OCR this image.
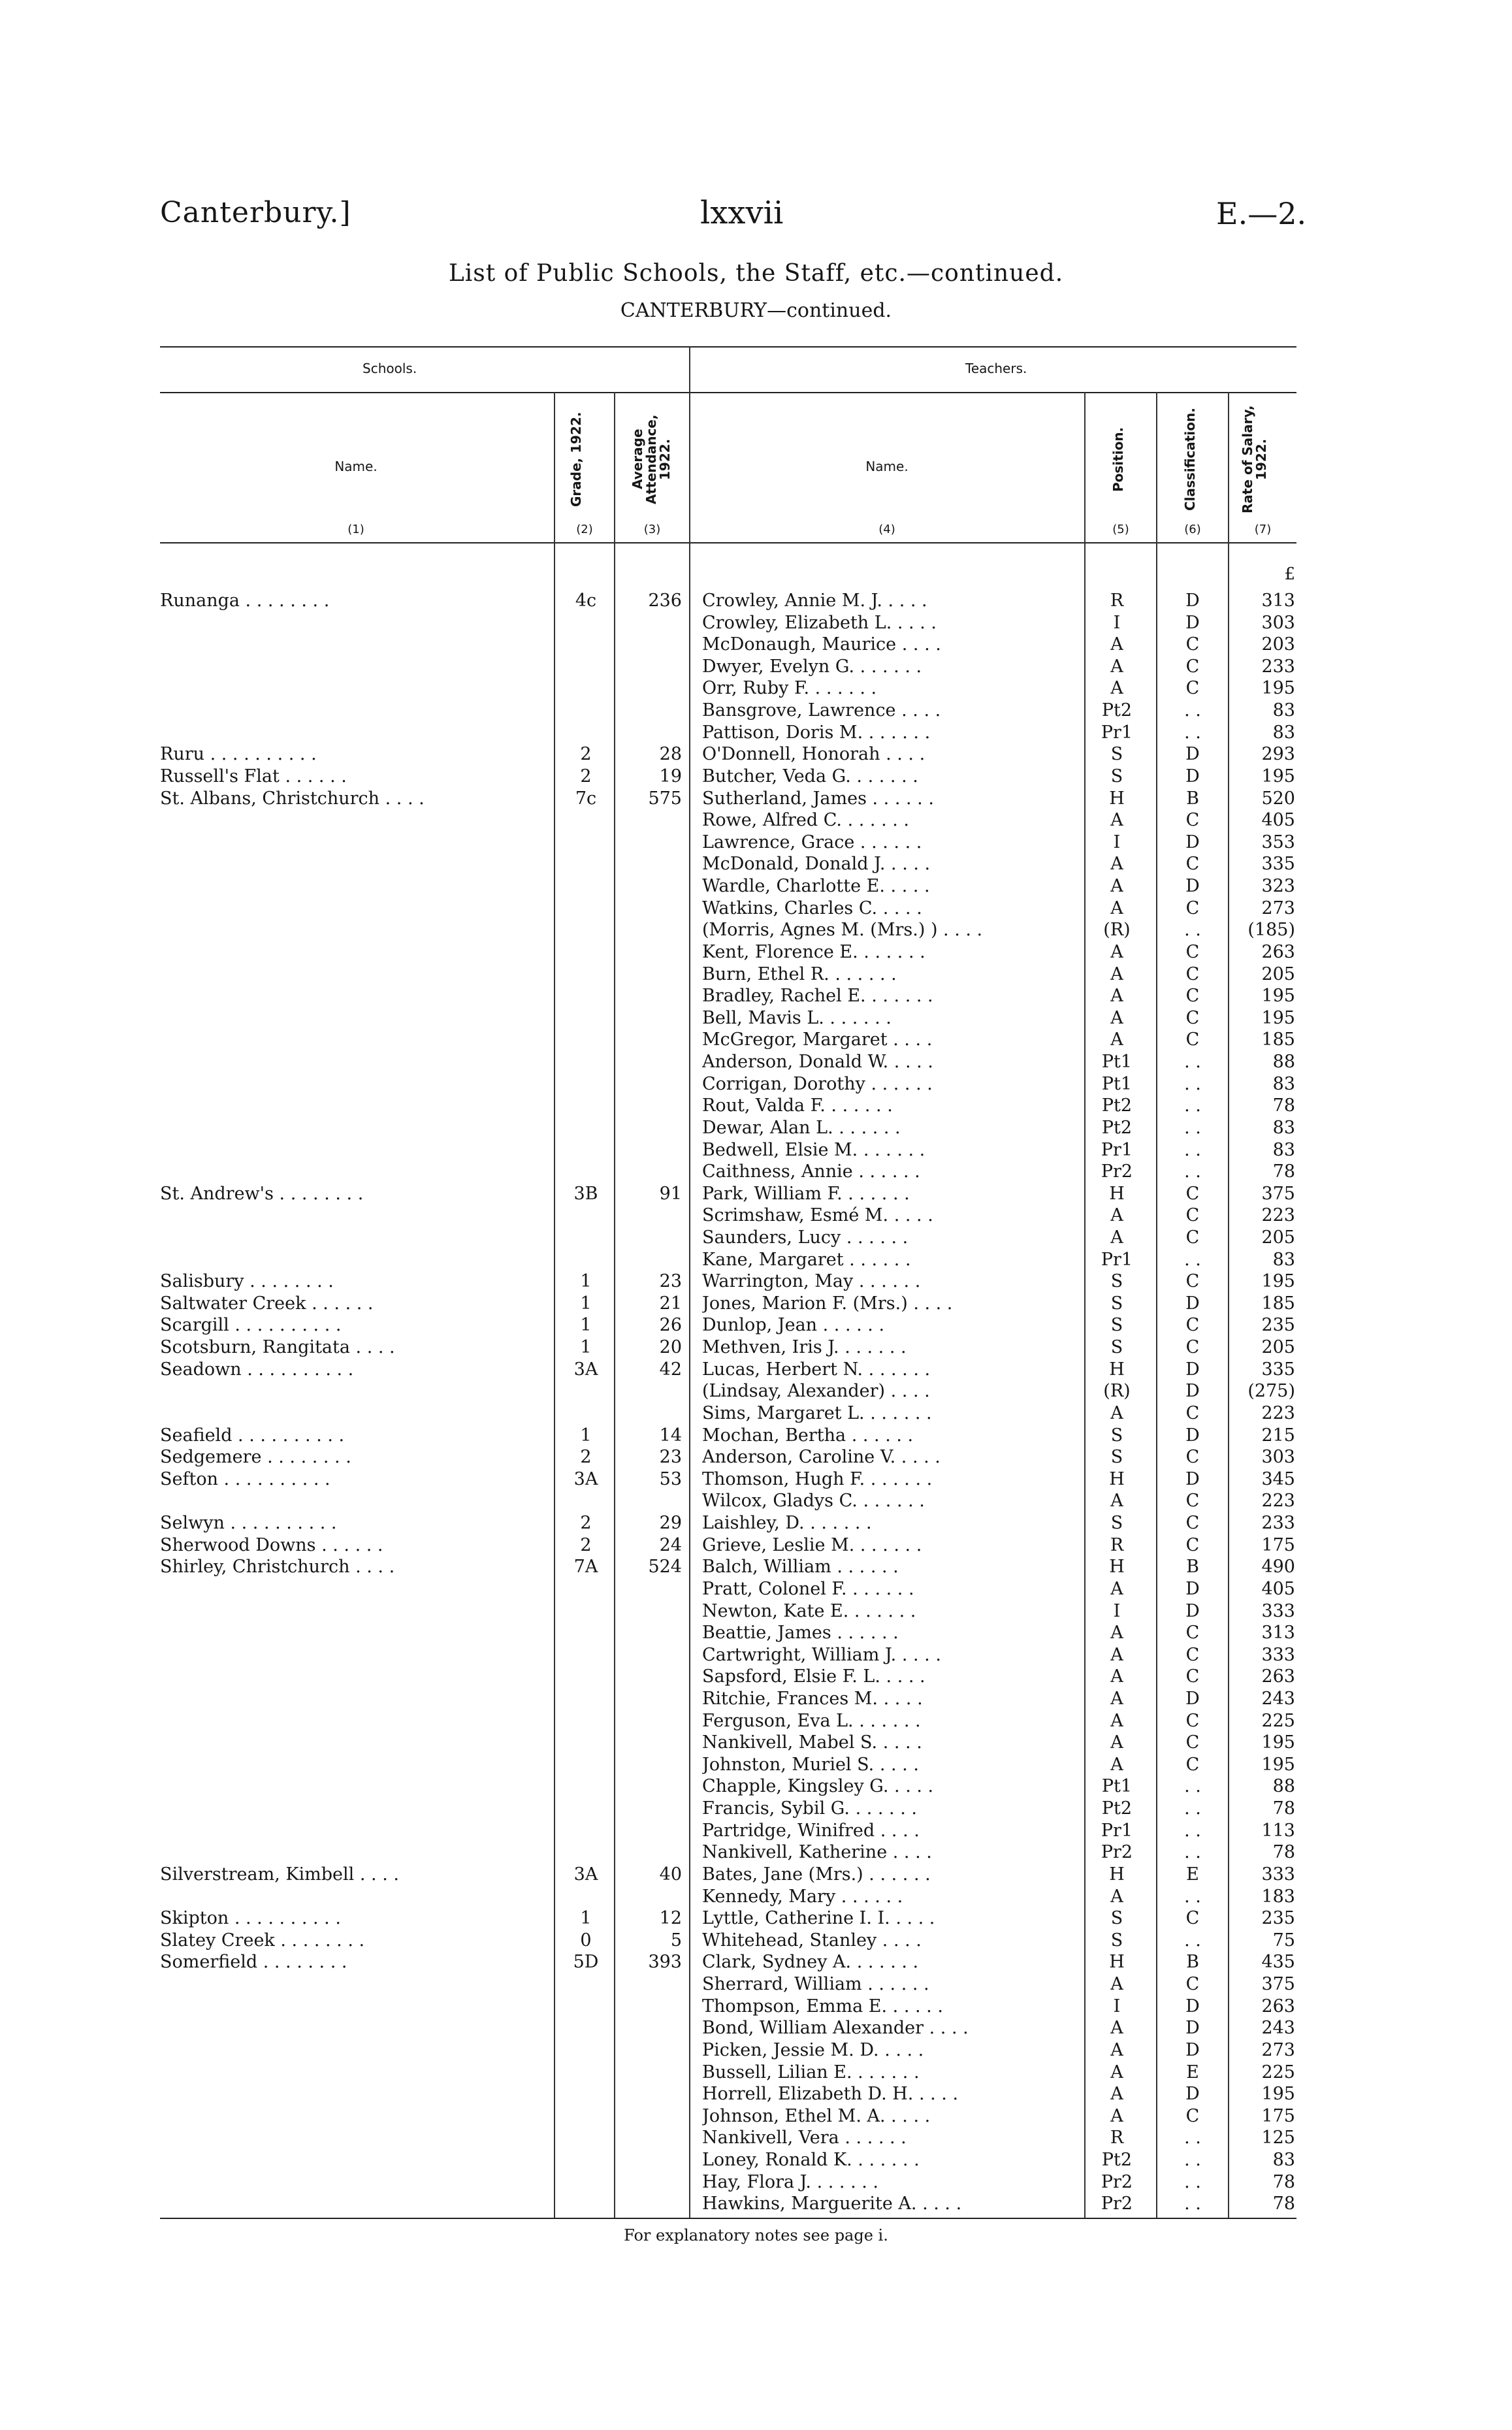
Canterbury.]	lxxvii	E.—2.
List of Public Schools, the Staff, etc.—continued.
CANTERBURY—continued.
Schools.	Teachers.
Name.	Grade, 1922.	Average Attendance, 1922.	Name.	Position.	Classification.	Rate of Salary, 1922.
(1)	(2)	(3)	(4)	(5)	(6)	(7)
£
Runanga . . . . . . . .	4c	236 Crowley, Annie M. J. . . . .	R	D	313
Crowley, Elizabeth L. . . . .	I	D	303
McDonaugh, Maurice . . . .	A	C	203
Dwyer, Evelyn G. . . . . . .	A	C	233
Orr, Ruby F. . . . . . .	A	C	195
Bansgrove, Lawrence . . . .	Pt2	. .	83
Pattison, Doris M. . . . . . .	Pr1	. .	83
Ruru . . . . . . . . . .	2	28 O'Donnell, Honorah . . . .	S	D	293
Russell's Flat . . . . . .	2	19 Butcher, Veda G. . . . . . .	S	D	195
St. Albans, Christchurch . . . .	7c	575 Sutherland, James . . . . . .	H	B	520
Rowe, Alfred C. . . . . . .	A	C	405
Lawrence, Grace . . . . . .	I	D	353
McDonald, Donald J. . . . .	A	C	335
Wardle, Charlotte E. . . . .	A	D	323
Watkins, Charles C. . . . .	A	C	273
(Morris, Agnes M. (Mrs.) ) . . . .	(R)	. .	(185)
Kent, Florence E. . . . . . .	A	C	263
Burn, Ethel R. . . . . . .	A	C	205
Bradley, Rachel E. . . . . . .	A	C	195
Bell, Mavis L. . . . . . .	A	C	195
McGregor, Margaret . . . .	A	C	185
Anderson, Donald W. . . . .	Pt1	. .	88
Corrigan, Dorothy . . . . . .	Pt1	. .	83
Rout, Valda F. . . . . . .	Pt2	. .	78
Dewar, Alan L. . . . . . .	Pt2	. .	83
Bedwell, Elsie M. . . . . . .	Pr1	. .	83
Caithness, Annie . . . . . .	Pr2	. .	78
St. Andrew's . . . . . . . .	3B	91 Park, William F. . . . . . .	H	C	375
Scrimshaw, Esmé M. . . . .	A	C	223
Saunders, Lucy . . . . . .	A	C	205
Kane, Margaret . . . . . .	Pr1	. .	83
Salisbury . . . . . . . .	1	23 Warrington, May . . . . . .	S	C	195
Saltwater Creek . . . . . .	1	21 Jones, Marion F. (Mrs.) . . . .	S	D	185
Scargill . . . . . . . . . .	1	26 Dunlop, Jean . . . . . .	S	C	235
Scotsburn, Rangitata . . . .	1	20 Methven, Iris J. . . . . . .	S	C	205
Seadown . . . . . . . . . .	3A	42 Lucas, Herbert N. . . . . . .	H	D	335
(Lindsay, Alexander) . . . .	(R)	D	(275)
Sims, Margaret L. . . . . . .	A	C	223
Seafield . . . . . . . . . .	1	14 Mochan, Bertha . . . . . .	S	D	215
Sedgemere . . . . . . . .	2	23 Anderson, Caroline V. . . . .	S	C	303
Sefton . . . . . . . . . .	3A	53 Thomson, Hugh F. . . . . . .	H	D	345
Wilcox, Gladys C. . . . . . .	A	C	223
Selwyn . . . . . . . . . .	2	29 Laishley, D. . . . . . .	S	C	233
Sherwood Downs . . . . . .	2	24 Grieve, Leslie M. . . . . . .	R	C	175
Shirley, Christchurch . . . .	7A	524 Balch, William . . . . . .	H	B	490
Pratt, Colonel F. . . . . . .	A	D	405
Newton, Kate E. . . . . . .	I	D	333
Beattie, James . . . . . .	A	C	313
Cartwright, William J. . . . .	A	C	333
Sapsford, Elsie F. L. . . . .	A	C	263
Ritchie, Frances M. . . . .	A	D	243
Ferguson, Eva L. . . . . . .	A	C	225
Nankivell, Mabel S. . . . .	A	C	195
Johnston, Muriel S. . . . .	A	C	195
Chapple, Kingsley G. . . . .	Pt1	. .	88
Francis, Sybil G. . . . . . .	Pt2	. .	78
Partridge, Winifred . . . .	Pr1	. .	113
Nankivell, Katherine . . . .	Pr2	. .	78
Silverstream, Kimbell . . . .	3A	40 Bates, Jane (Mrs.) . . . . . .	H	E	333
Kennedy, Mary . . . . . .	A	. .	183
Skipton . . . . . . . . . .	1	12 Lyttle, Catherine I. I. . . . .	S	C	235
Slatey Creek . . . . . . . .	0	5 Whitehead, Stanley . . . .	S	. .	75
Somerfield . . . . . . . .	5D	393 Clark, Sydney A. . . . . . .	H	B	435
Sherrard, William . . . . . .	A	C	375
Thompson, Emma E. . . . . .	I	D	263
Bond, William Alexander . . . .	A	D	243
Picken, Jessie M. D. . . . .	A	D	273
Bussell, Lilian E. . . . . . .	A	E	225
Horrell, Elizabeth D. H. . . . .	A	D	195
Johnson, Ethel M. A. . . . .	A	C	175
Nankivell, Vera . . . . . .	R	. .	125
Loney, Ronald K. . . . . . .	Pt2	. .	83
Hay, Flora J. . . . . . .	Pr2	. .	78
Hawkins, Marguerite A. . . . .	Pr2	. .	78
For explanatory notes see page i.
